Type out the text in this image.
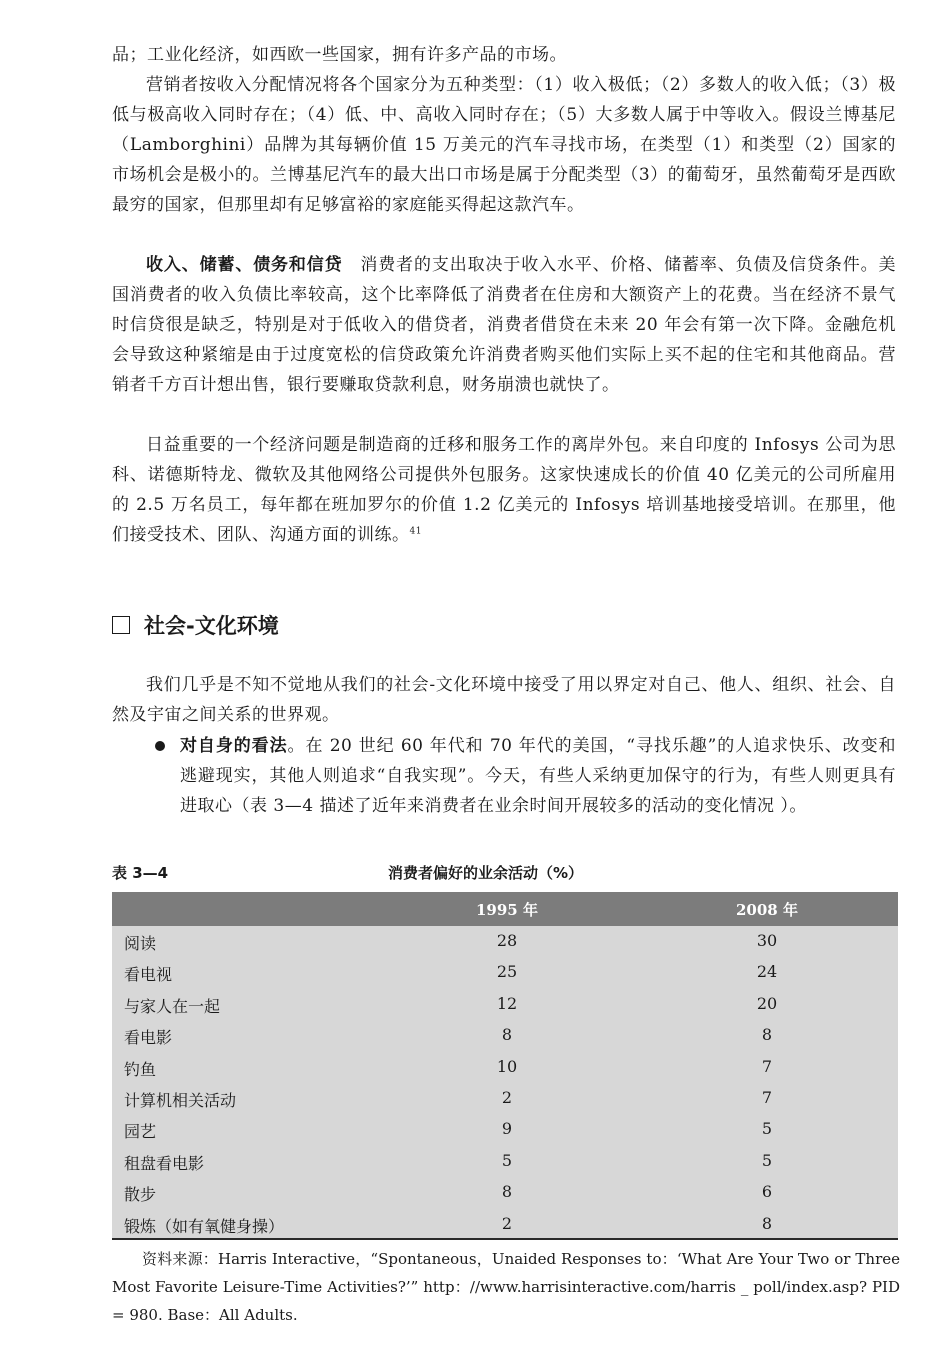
品；工业化经济，如西欧一些国家，拥有许多产品的市场。

营销者按收入分配情况将各个国家分为五种类型：（1）收入极低；（2）多数人的收入低；（3）极低与极高收入同时存在；（4）低、中、高收入同时存在；（5）大多数人属于中等收入。假设兰博基尼（Lamborghini）品牌为其每辆价值 15 万美元的汽车寻找市场，在类型（1）和类型（2）国家的市场机会是极小的。兰博基尼汽车的最大出口市场是属于分配类型（3）的葡萄牙，虽然葡萄牙是西欧最穷的国家，但那里却有足够富裕的家庭能买得起这款汽车。

收入、储蓄、债务和信贷　 消费者的支出取决于收入水平、价格、储蓄率、负债及信贷条件。美国消费者的收入负债比率较高，这个比率降低了消费者在住房和大额资产上的花费。当在经济不景气时信贷很是缺乏，特别是对于低收入的借贷者，消费者借贷在未来 20 年会有第一次下降。金融危机会导致这种紧缩是由于过度宽松的信贷政策允许消费者购买他们实际上买不起的住宅和其他商品。营销者千方百计想出售，银行要赚取贷款利息，财务崩溃也就快了。

日益重要的一个经济问题是制造商的迁移和服务工作的离岸外包。来自印度的 Infosys 公司为思科、诺德斯特龙、微软及其他网络公司提供外包服务。这家快速成长的价值 40 亿美元的公司所雇用的 2.5 万名员工，每年都在班加罗尔的价值 1.2 亿美元的 Infosys 培训基地接受培训。在那里，他们接受技术、团队、沟通方面的训练。$^{41}$

社会-文化环境

我们几乎是不知不觉地从我们的社会-文化环境中接受了用以界定对自己、他人、组织、社会、自然及宇宙之间关系的世界观。

对自身的看法。在 20 世纪 60 年代和 70 年代的美国，“寻找乐趣”的人追求快乐、改变和逃避现实，其他人则追求“自我实现”。今天，有些人采纳更加保守的行为，有些人则更具有进取心（表 3—4 描述了近年来消费者在业余时间开展较多的活动的变化情况 ）。

表 3—4	消费者偏好的业余活动（%）
1995 年	2008 年
阅读	28	30
看电视	25	24
与家人在一起	12	20
看电影	8	8
钓鱼	10	7
计算机相关活动	2	7
园艺	9	5
租盘看电影	5	5
散步	8	6
锻炼（如有氧健身操）	2	8

资料来源：Harris Interactive，“Spontaneous，Unaided Responses to：‘What Are Your Two or Three Most Favorite Leisure-Time Activities?’” http：//www.harrisinteractive.com/harris _ poll/index.asp? PID = 980. Base：All Adults.
